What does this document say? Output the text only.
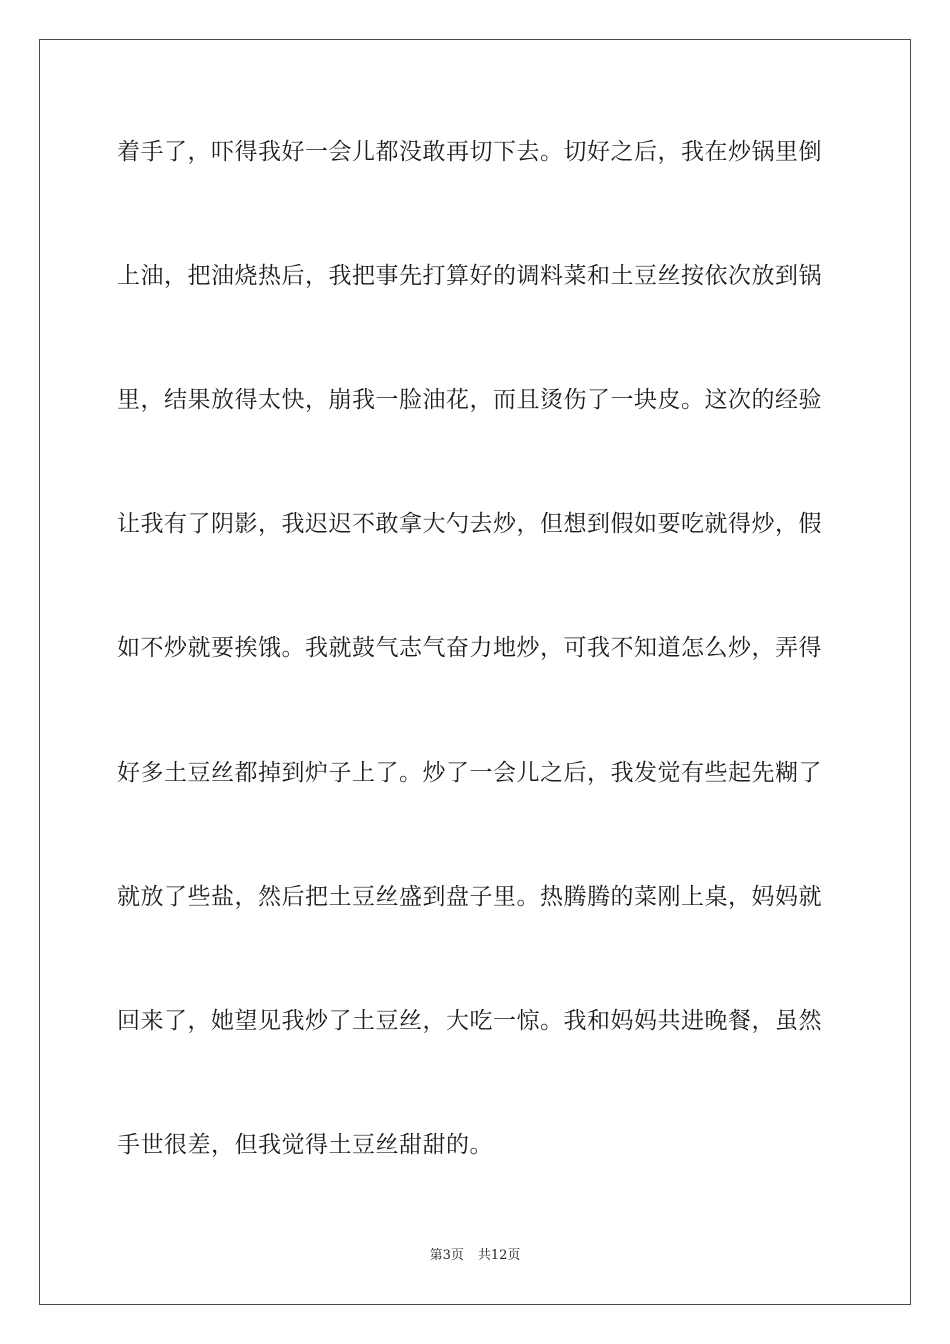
着手了，吓得我好一会儿都没敢再切下去。切好之后，我在炒锅里倒
上油，把油烧热后，我把事先打算好的调料菜和土豆丝按依次放到锅
里，结果放得太快，崩我一脸油花，而且烫伤了一块皮。这次的经验
让我有了阴影，我迟迟不敢拿大勺去炒，但想到假如要吃就得炒，假
如不炒就要挨饿。我就鼓气志气奋力地炒，可我不知道怎么炒，弄得
好多土豆丝都掉到炉子上了。炒了一会儿之后，我发觉有些起先糊了
就放了些盐，然后把土豆丝盛到盘子里。热腾腾的菜刚上桌，妈妈就
回来了，她望见我炒了土豆丝，大吃一惊。我和妈妈共进晚餐，虽然
手世很差，但我觉得土豆丝甜甜的。
第3页 共12页
